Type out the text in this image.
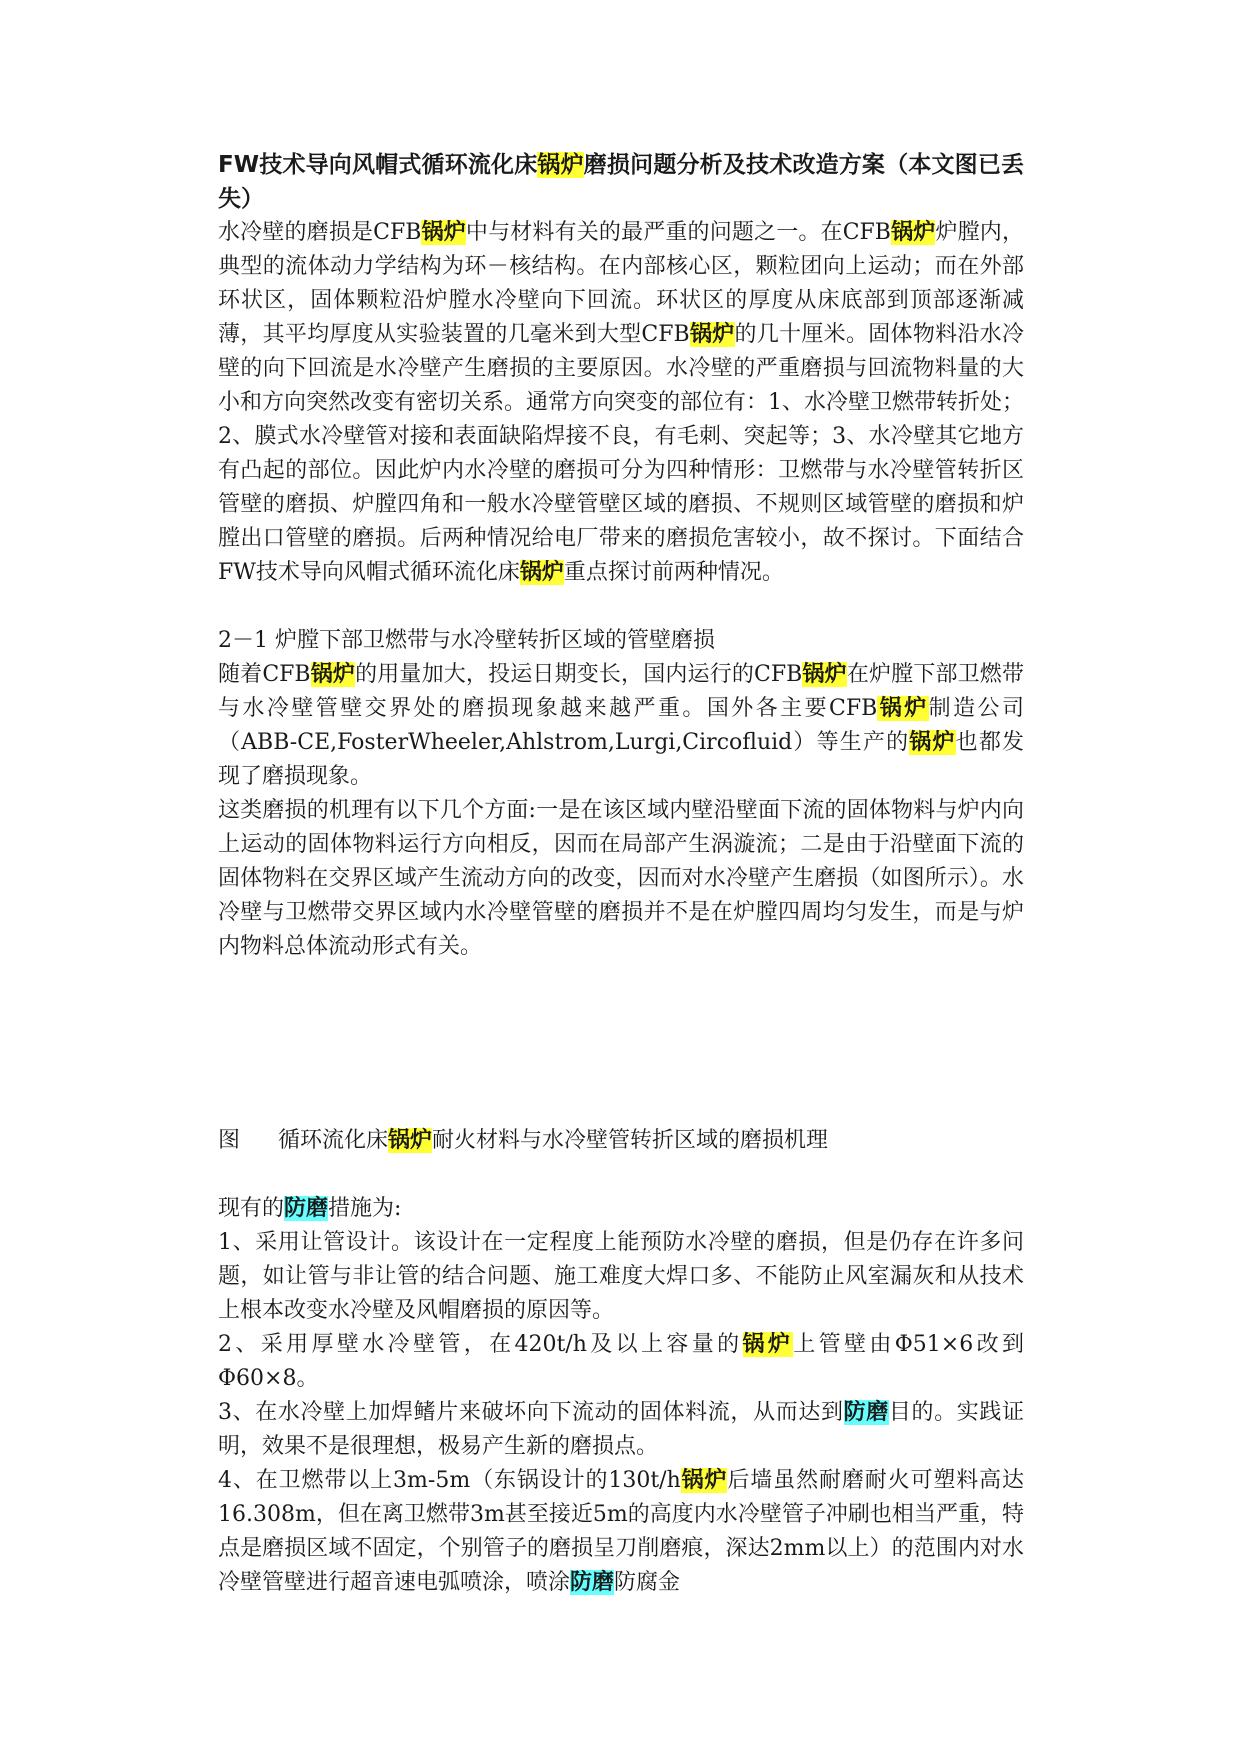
FW技术导向风帽式循环流化床锅炉磨损问题分析及技术改造方案（本文图已丢失）

水冷壁的磨损是CFB锅炉中与材料有关的最严重的问题之一。在CFB锅炉炉膛内，典型的流体动力学结构为环－核结构。在内部核心区，颗粒团向上运动；而在外部环状区，固体颗粒沿炉膛水冷壁向下回流。环状区的厚度从床底部到顶部逐渐减薄，其平均厚度从实验装置的几毫米到大型CFB锅炉的几十厘米。固体物料沿水冷壁的向下回流是水冷壁产生磨损的主要原因。水冷壁的严重磨损与回流物料量的大小和方向突然改变有密切关系。通常方向突变的部位有：1、水冷壁卫燃带转折处；2、膜式水冷壁管对接和表面缺陷焊接不良，有毛刺、突起等；3、水冷壁其它地方有凸起的部位。因此炉内水冷壁的磨损可分为四种情形：卫燃带与水冷壁管转折区管壁的磨损、炉膛四角和一般水冷壁管壁区域的磨损、不规则区域管壁的磨损和炉膛出口管壁的磨损。后两种情况给电厂带来的磨损危害较小，故不探讨。下面结合FW技术导向风帽式循环流化床锅炉重点探讨前两种情况。

2－1 炉膛下部卫燃带与水冷壁转折区域的管壁磨损

随着CFB锅炉的用量加大，投运日期变长，国内运行的CFB锅炉在炉膛下部卫燃带与水冷壁管壁交界处的磨损现象越来越严重。国外各主要CFB锅炉制造公司（ABB-CE,FosterWheeler,Ahlstrom,Lurgi,Circofluid）等生产的锅炉也都发现了磨损现象。

这类磨损的机理有以下几个方面:一是在该区域内壁沿壁面下流的固体物料与炉内向上运动的固体物料运行方向相反，因而在局部产生涡漩流；二是由于沿壁面下流的固体物料在交界区域产生流动方向的改变，因而对水冷壁产生磨损（如图所示）。水冷壁与卫燃带交界区域内水冷壁管壁的磨损并不是在炉膛四周均匀发生，而是与炉内物料总体流动形式有关。

图 循环流化床锅炉耐火材料与水冷壁管转折区域的磨损机理

现有的防磨措施为:

1、采用让管设计。该设计在一定程度上能预防水冷壁的磨损，但是仍存在许多问题，如让管与非让管的结合问题、施工难度大焊口多、不能防止风室漏灰和从技术上根本改变水冷壁及风帽磨损的原因等。

2、采用厚壁水冷壁管，在420t/h及以上容量的锅炉上管壁由Φ51×6改到Φ60×8。

3、在水冷壁上加焊鳍片来破坏向下流动的固体料流，从而达到防磨目的。实践证明，效果不是很理想，极易产生新的磨损点。

4、在卫燃带以上3m-5m（东锅设计的130t/h锅炉后墙虽然耐磨耐火可塑料高达16.308m，但在离卫燃带3m甚至接近5m的高度内水冷壁管子冲刷也相当严重，特点是磨损区域不固定，个别管子的磨损呈刀削磨痕，深达2mm以上）的范围内对水冷壁管壁进行超音速电弧喷涂，喷涂防磨防腐金
